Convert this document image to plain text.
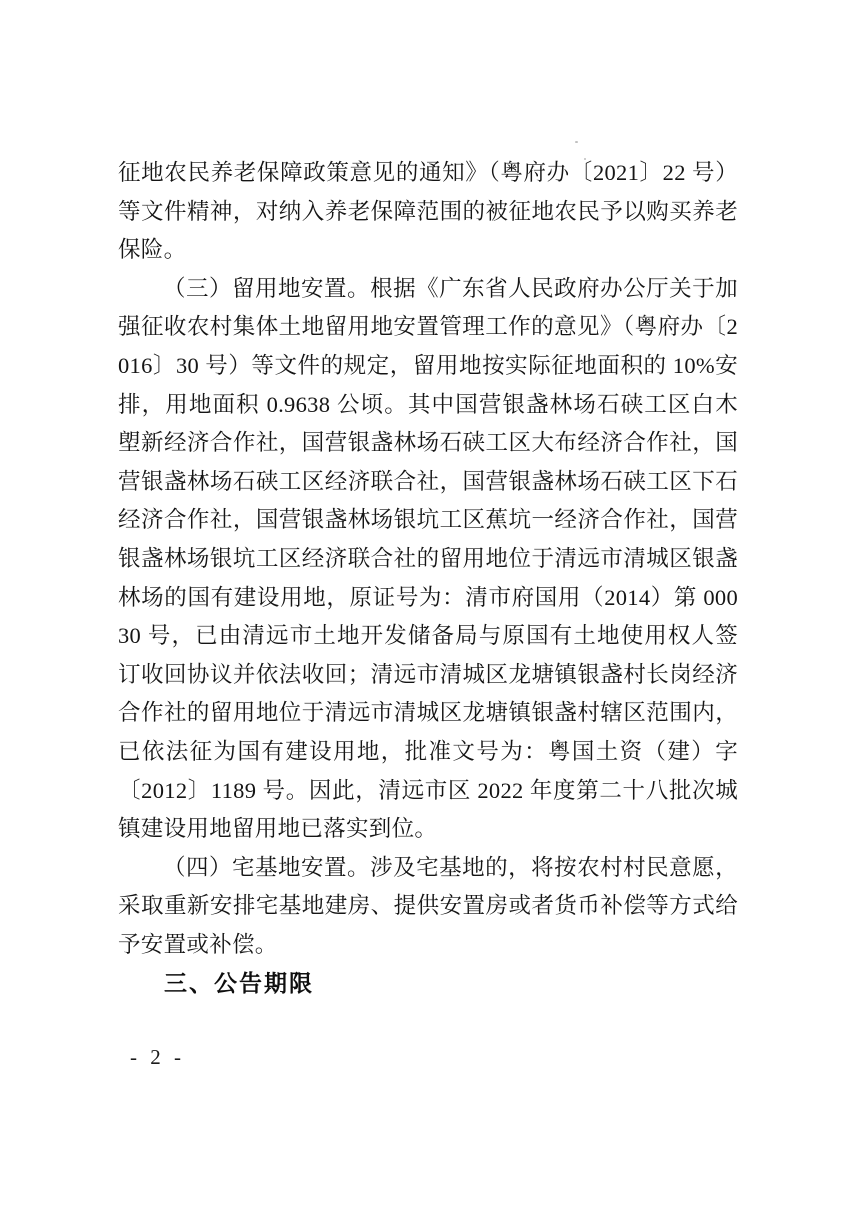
征地农民养老保障政策意见的通知》（粤府办〔2021〕22 号）等文件精神，对纳入养老保障范围的被征地农民予以购买养老保险。

（三）留用地安置。根据《广东省人民政府办公厅关于加强征收农村集体土地留用地安置管理工作的意见》（粤府办〔2016〕30 号）等文件的规定，留用地按实际征地面积的 10%安排，用地面积 0.9638 公顷。其中国营银盏林场石硖工区白木塱新经济合作社，国营银盏林场石硖工区大布经济合作社，国营银盏林场石硖工区经济联合社，国营银盏林场石硖工区下石经济合作社，国营银盏林场银坑工区蕉坑一经济合作社，国营银盏林场银坑工区经济联合社的留用地位于清远市清城区银盏林场的国有建设用地，原证号为：清市府国用（2014）第 00030 号，已由清远市土地开发储备局与原国有土地使用权人签订收回协议并依法收回；清远市清城区龙塘镇银盏村长岗经济合作社的留用地位于清远市清城区龙塘镇银盏村辖区范围内，已依法征为国有建设用地，批准文号为：粤国土资（建）字〔2012〕1189 号。因此，清远市区 2022 年度第二十八批次城镇建设用地留用地已落实到位。

（四）宅基地安置。涉及宅基地的，将按农村村民意愿，采取重新安排宅基地建房、提供安置房或者货币补偿等方式给予安置或补偿。

三、公告期限
- 2 -
